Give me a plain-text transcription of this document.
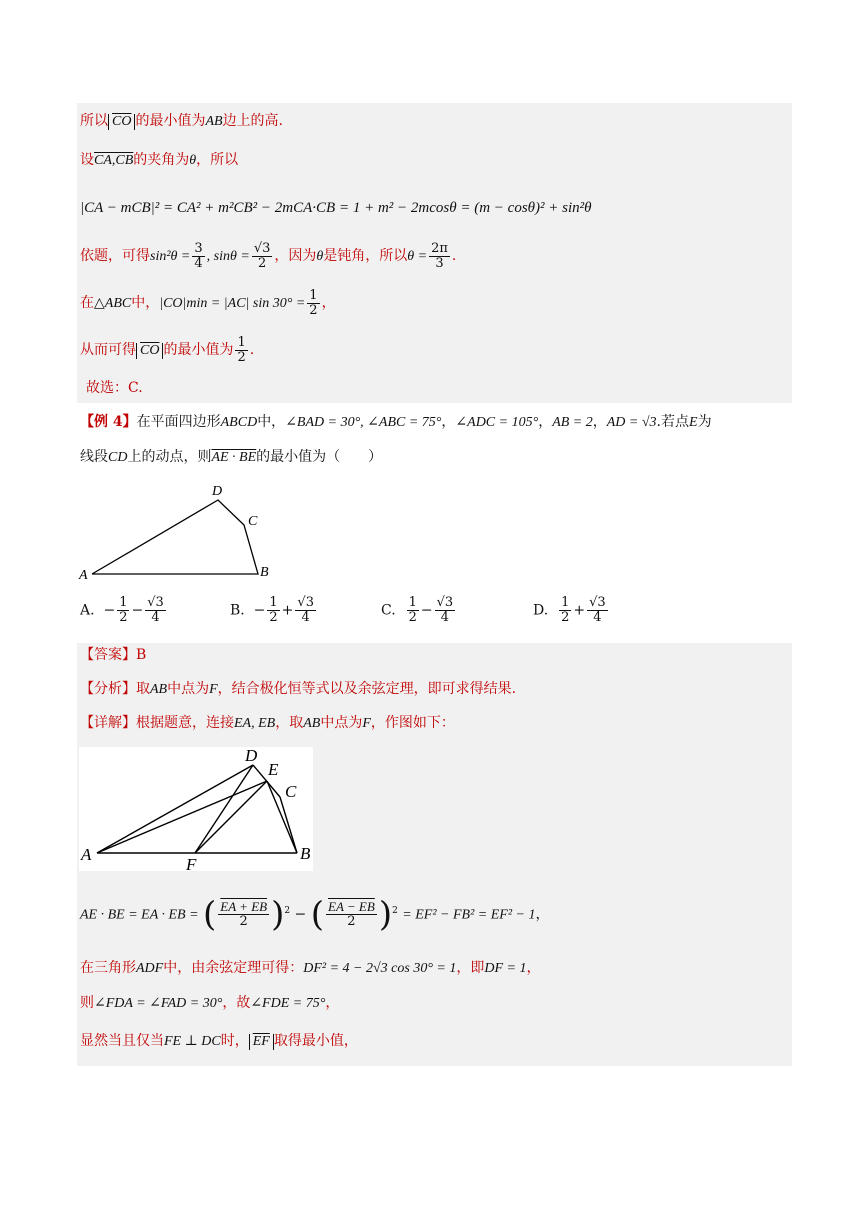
所以 $\overline{CO}$ 的最小值为AB边上的高.
设CA,CB的夹角为θ，所以
|CA − mCB|² = CA² + m²CB² − 2mCA·CB = 1 + m² − 2mcosθ = (m − cosθ)² + sin²θ
依题，可得$\sin^2\theta = \frac{3}{4}$ , $\sin\theta = \frac{√3}{2}$ ，因为θ是钝角，所以$\theta = \frac{2\pi}{3}$ .
在△ABC中，|CO|min = |AC| $\sin 30^\circ = \frac{1}{2}$ ，
从而可得 $\overline{CO}$ 的最小值为 $\frac{1}{2}$ .
故选：C.
【例 4】在平面四边形ABCD中，∠BAD = 30°, ∠ABC = 75°，∠ADC = 105°，AB = 2，AD = √3.若点E为
线段CD上的动点，则AE · BE的最小值为（　　）
D
C
A	B
A. − $\frac{1}{2} - \frac{√3}{4}$	B. − $\frac{1}{2} + \frac{√3}{4}$	C. $\frac{1}{2} - \frac{√3}{4}$	D. $\frac{1}{2} + \frac{√3}{4}$
【答案】B
【分析】取AB中点为F，结合极化恒等式以及余弦定理，即可求得结果.
【详解】根据题意，连接EA, EB，取AB中点为F，作图如下：
D
E
C
A
F
B
AE · BE = EA · EB = ( $\frac{EA + EB}{2} )^2$ − ( $\frac{EA - EB}{2} )^2 = EF^2 - FB^2 = EF^2 - 1$，
在三角形ADF中，由余弦定理可得：DF² = 4 − 2√3 cos 30° = 1，即DF = 1，
则∠FDA = ∠FAD = 30°，故∠FDE = 75°，
显然当且仅当FE ⊥ DC时， $\overline{EF}$ 取得最小值，
